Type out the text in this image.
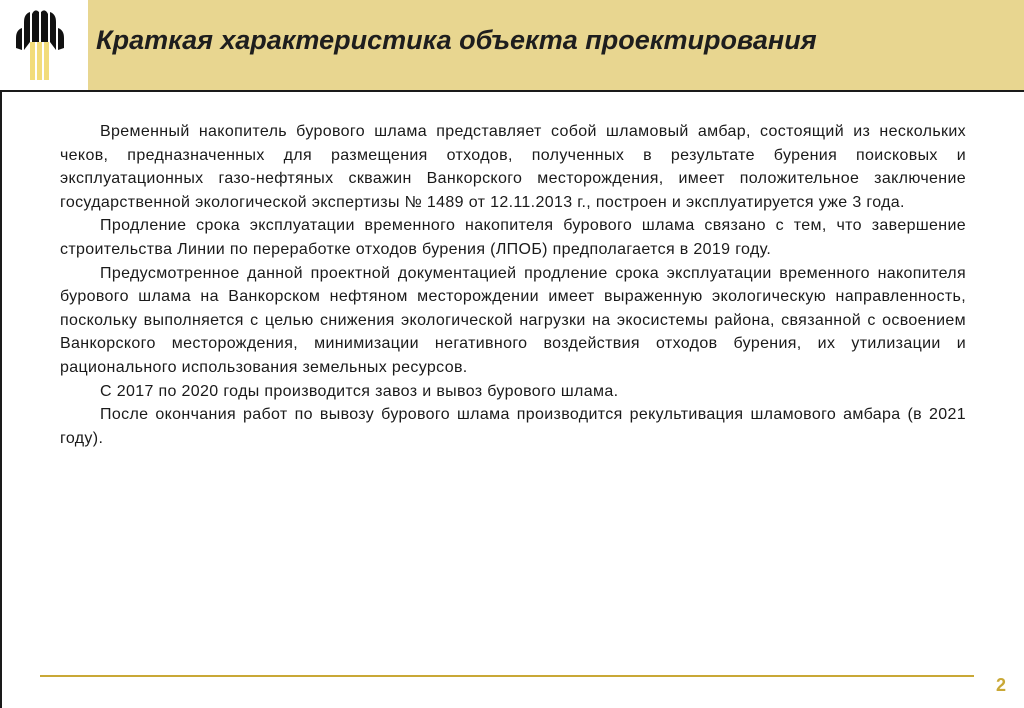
Краткая характеристика объекта проектирования

Временный накопитель бурового шлама представляет собой шламовый амбар, состоящий из нескольких чеков, предназначенных для размещения отходов, полученных в результате бурения поисковых и эксплуатационных газо-нефтяных скважин Ванкорского месторождения, имеет положительное заключение государственной экологической экспертизы № 1489 от 12.11.2013 г., построен и эксплуатируется уже 3 года.

Продление срока эксплуатации временного накопителя бурового шлама связано с тем, что завершение строительства Линии по переработке отходов бурения (ЛПОБ) предполагается в 2019 году.

Предусмотренное данной проектной документацией продление срока эксплуатации временного накопителя бурового шлама на Ванкорском нефтяном месторождении имеет выраженную экологическую направленность, поскольку выполняется с целью снижения экологической нагрузки на экосистемы района, связанной с освоением Ванкорского месторождения, минимизации негативного воздействия отходов бурения, их утилизации и рационального использования земельных ресурсов.

С 2017 по 2020 годы производится завоз и вывоз бурового шлама.

После окончания работ по вывозу бурового шлама производится рекультивация шламового амбара (в 2021 году).

2
